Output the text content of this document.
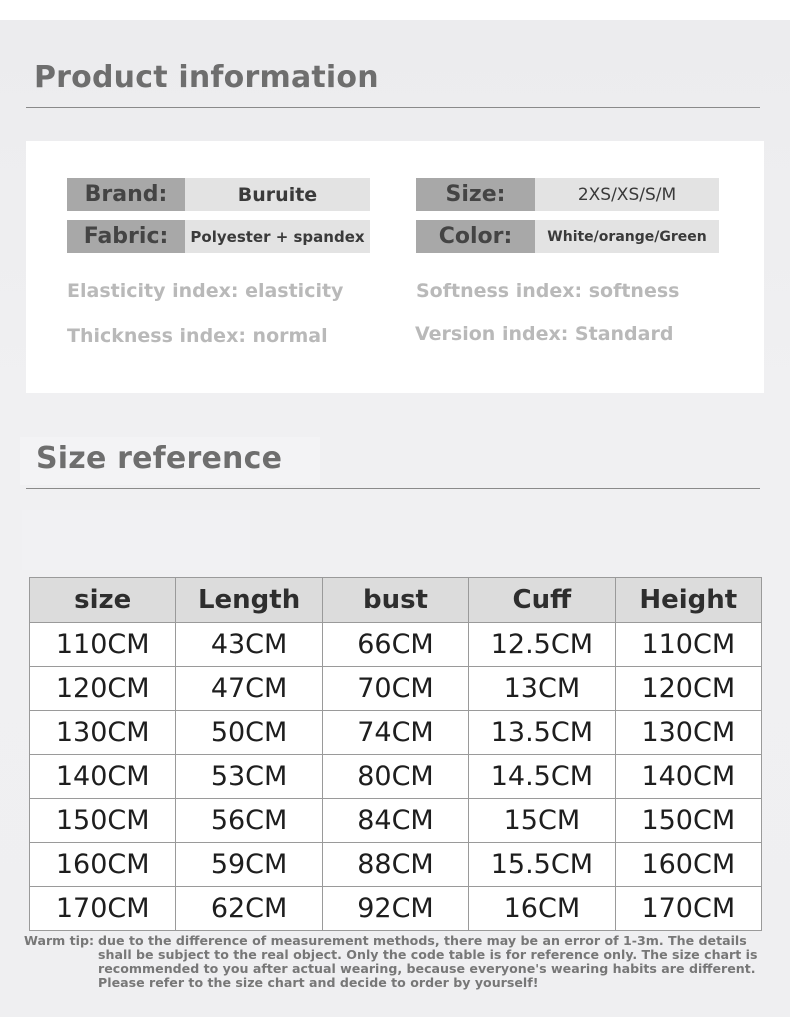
Product information
Brand:	Buruite
Fabric:	Polyester + spandex
Size:	2XS/XS/S/M
Color:	White/orange/Green
Elasticity index: elasticity	Softness index: softness
Thickness index: normal	Version index: Standard
Size reference
size	Length	bust	Cuff	Height
110CM	43CM	66CM	12.5CM	110CM
120CM	47CM	70CM	13CM	120CM
130CM	50CM	74CM	13.5CM	130CM
140CM	53CM	80CM	14.5CM	140CM
150CM	56CM	84CM	15CM	150CM
160CM	59CM	88CM	15.5CM	160CM
170CM	62CM	92CM	16CM	170CM
Warm tip: due to the difference of measurement methods, there may be an error of 1-3m. The details shall be subject to the real object. Only the code table is for reference only. The size chart is recommended to you after actual wearing, because everyone's wearing habits are different. Please refer to the size chart and decide to order by yourself!
